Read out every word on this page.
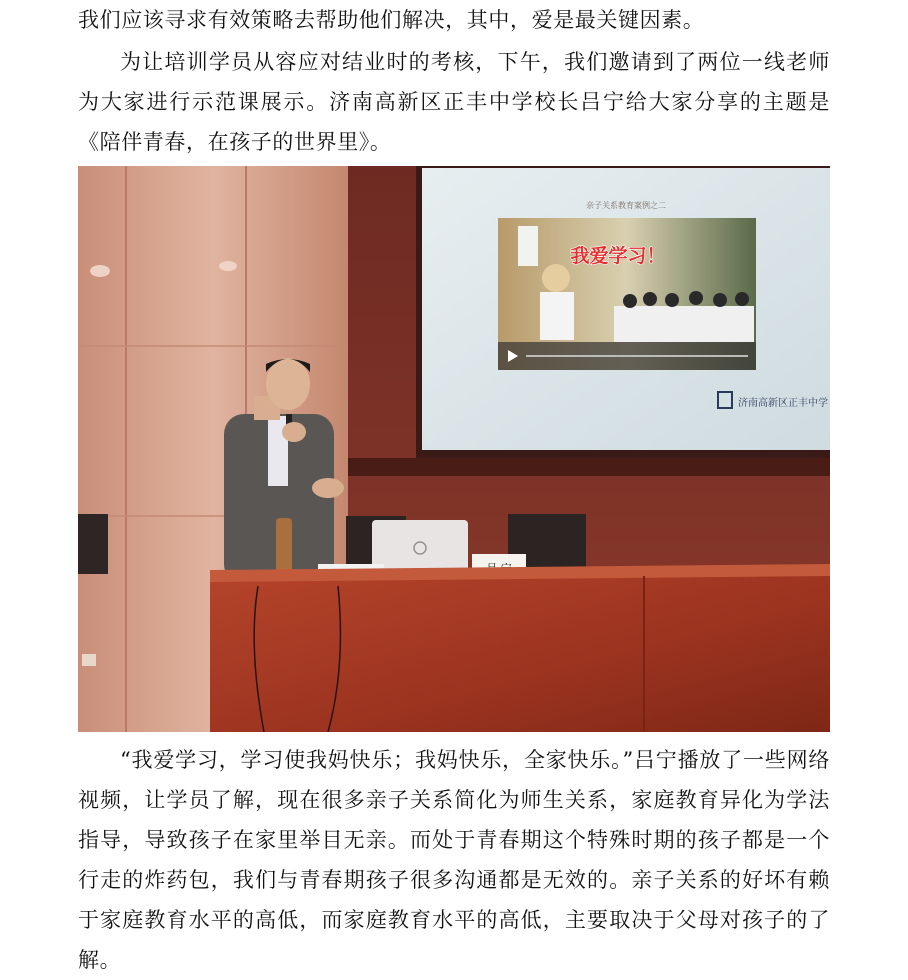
我们应该寻求有效策略去帮助他们解决，其中，爱是最关键因素。

为让培训学员从容应对结业时的考核，下午，我们邀请到了两位一线老师为大家进行示范课展示。济南高新区正丰中学校长吕宁给大家分享的主题是《陪伴青春，在孩子的世界里》。

亲子关系教育案例之二
我爱学习！
济南高新区正丰中学

“我爱学习，学习使我妈快乐；我妈快乐，全家快乐。”吕宁播放了一些网络视频，让学员了解，现在很多亲子关系简化为师生关系，家庭教育异化为学法指导，导致孩子在家里举目无亲。而处于青春期这个特殊时期的孩子都是一个行走的炸药包，我们与青春期孩子很多沟通都是无效的。亲子关系的好坏有赖于家庭教育水平的高低，而家庭教育水平的高低，主要取决于父母对孩子的了解。
